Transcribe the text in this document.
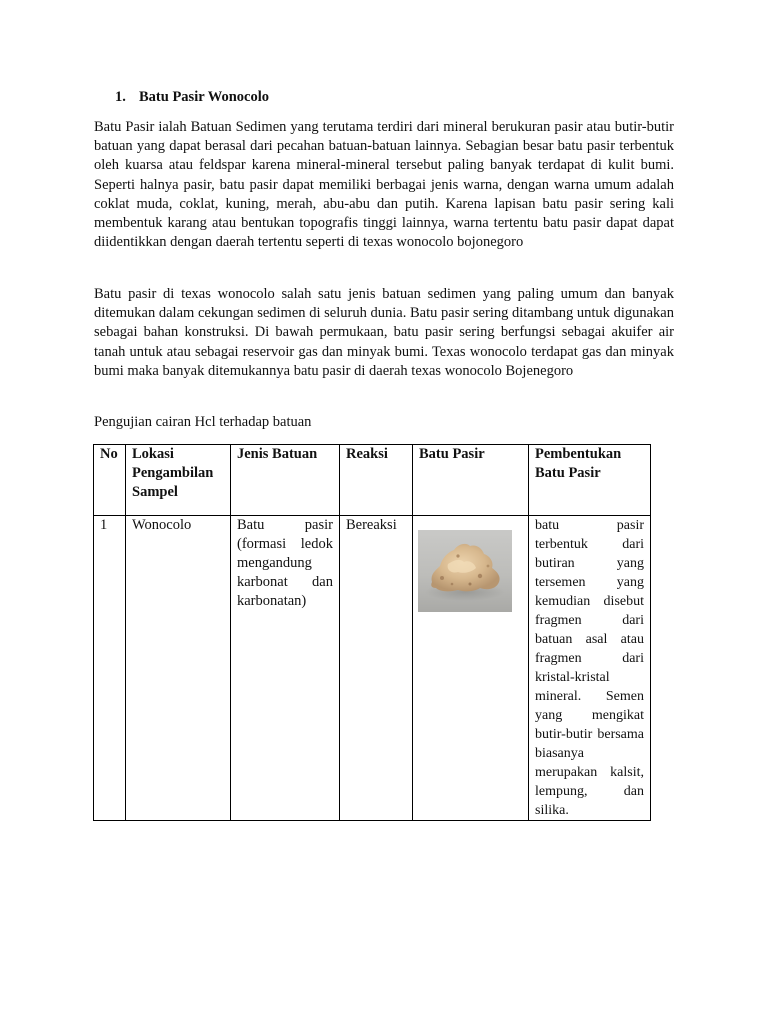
1. Batu Pasir Wonocolo
Batu Pasir ialah Batuan Sedimen yang terutama terdiri dari mineral berukuran pasir atau butir-butir batuan yang dapat berasal dari pecahan batuan-batuan lainnya. Sebagian besar batu pasir terbentuk oleh kuarsa atau feldspar karena mineral-mineral tersebut paling banyak terdapat di kulit bumi. Seperti halnya pasir, batu pasir dapat memiliki berbagai jenis warna, dengan warna umum adalah coklat muda, coklat, kuning, merah, abu-abu dan putih. Karena lapisan batu pasir sering kali membentuk karang atau bentukan topografis tinggi lainnya, warna tertentu batu pasir dapat dapat diidentikkan dengan daerah tertentu seperti di texas wonocolo bojonegoro
Batu pasir di texas wonocolo salah satu jenis batuan sedimen yang paling umum dan banyak ditemukan dalam cekungan sedimen di seluruh dunia. Batu pasir sering ditambang untuk digunakan sebagai bahan konstruksi. Di bawah permukaan, batu pasir sering berfungsi sebagai akuifer air tanah untuk atau sebagai reservoir gas dan minyak bumi. Texas wonocolo terdapat gas dan minyak bumi maka banyak ditemukannya batu pasir di daerah texas wonocolo Bojenegoro
Pengujian cairan Hcl terhadap batuan
No	Lokasi Pengambilan Sampel	Jenis Batuan	Reaksi	Batu Pasir	Pembentukan Batu Pasir
1	Wonocolo	Batu pasir (formasi ledok mengandung karbonat dan karbonatan)	Bereaksi		batu pasir terbentuk dari butiran yang tersemen yang kemudian disebut fragmen dari batuan asal atau fragmen dari kristal-kristal mineral. Semen yang mengikat butir-butir bersama biasanya merupakan kalsit, lempung, dan silika.
